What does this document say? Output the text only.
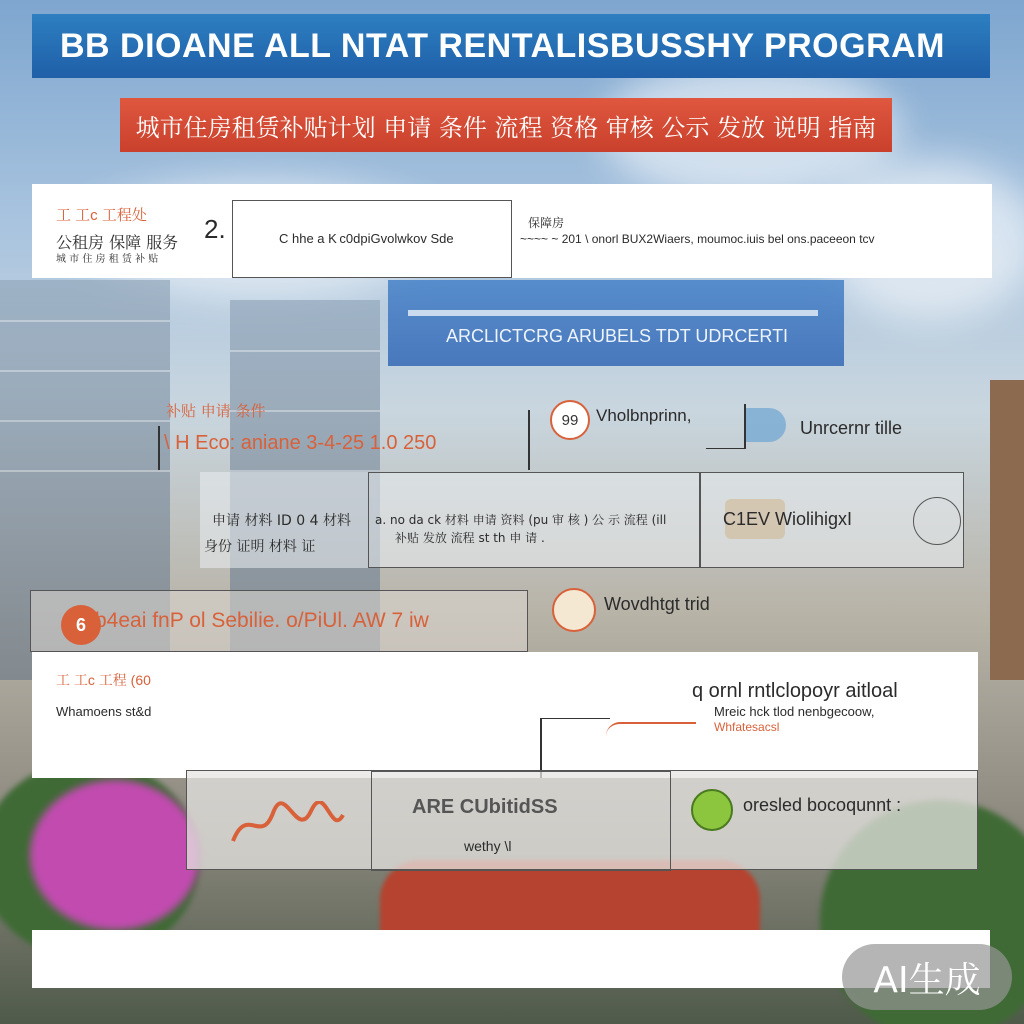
BB DIOANE ALL NTAT RENTALISBUSSHY PROGRAM
城市住房租赁补贴计划 申请 条件 流程 资格 审核 公示 发放 说明 指南
工 工c 工程处
公租房 保障 服务
城 市 住 房 租 赁 补 贴
2.	C hhe a K c0dpiGvolwkov Sde
保障房
~~~~ ~ 201 \ onorl BUX2Wiaers, moumoc.iuis bel ons.paceeon tcv
ARCLICTCRG ARUBELS TDT UDRCERTI
补贴 申请 条件
\ H Eco: aniane 3-4-25 1.0 250
99 Vholbnprinn,
Unrcernr tille
申请 材料 ID 0 4 材料
身份 证明 材料 证
a. no da ck 材料 申请 资料 (pu 审 核 ) 公 示 流程 (ill
补贴 发放 流程 st th 申 请 .
C1EV WiolihigxI
6 b4eai fnP ol Sebilie. o/PiUl. AW 7 iw
Wovdhtgt trid
工 工c 工程 (60
Whamoens st&d
q ornl rntlclopoyr aitloal
Mreic hck tlod nenbgecoow,
Whfatesacsl
ARE CUbitidSS
wethy \l
oresled bocoqunnt :
AI生成
